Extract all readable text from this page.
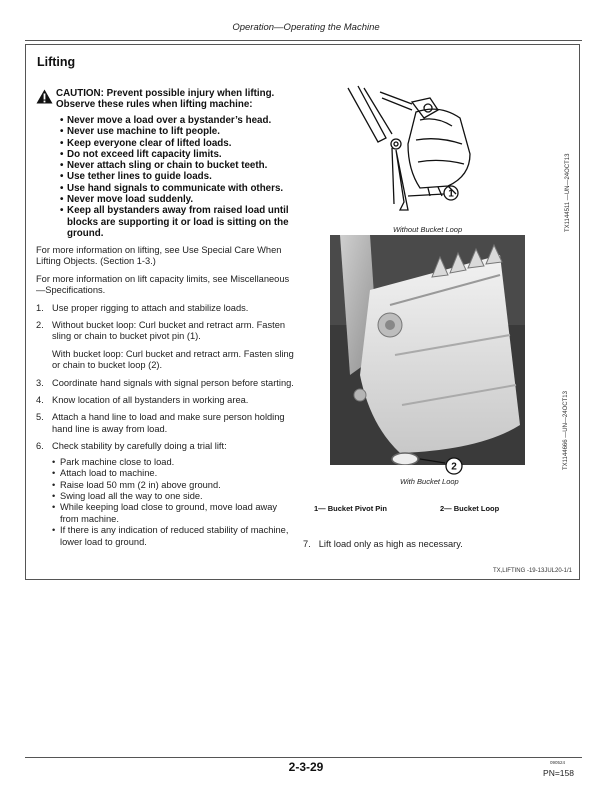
Operation—Operating the Machine
Lifting
CAUTION: Prevent possible injury when lifting. Observe these rules when lifting machine:
• Never move a load over a bystander’s head.
• Never use machine to lift people.
• Keep everyone clear of lifted loads.
• Do not exceed lift capacity limits.
• Never attach sling or chain to bucket teeth.
• Use tether lines to guide loads.
• Use hand signals to communicate with others.
• Never move load suddenly.
• Keep all bystanders away from raised load until blocks are supporting it or load is sitting on the ground.

For more information on lifting, see Use Special Care When Lifting Objects. (Section 1-3.)

For more information on lift capacity limits, see Miscellaneous—Specifications.

1. Use proper rigging to attach and stabilize loads.
2. Without bucket loop: Curl bucket and retract arm. Fasten sling or chain to bucket pivot pin (1).
With bucket loop: Curl bucket and retract arm. Fasten sling or chain to bucket loop (2).
3. Coordinate hand signals with signal person before starting.
4. Know location of all bystanders in working area.
5. Attach a hand line to load and make sure person holding hand line is away from load.
6. Check stability by carefully doing a trial lift:
• Park machine close to load.
• Attach load to machine.
• Raise load 50 mm (2 in) above ground.
• Swing load all the way to one side.
• While keeping load close to ground, move load away from machine.
• If there is any indication of reduced stability of machine, lower load to ground.
1
Without Bucket Loop	TX1144511 —UN—24OCT13
2
With Bucket Loop
TX1144666 —UN—24OCT13
1— Bucket Pivot Pin	2— Bucket Loop
7. Lift load only as high as necessary.
TX,LIFTING -19-13JUL20-1/1
2-3-29	090524
PN=158
